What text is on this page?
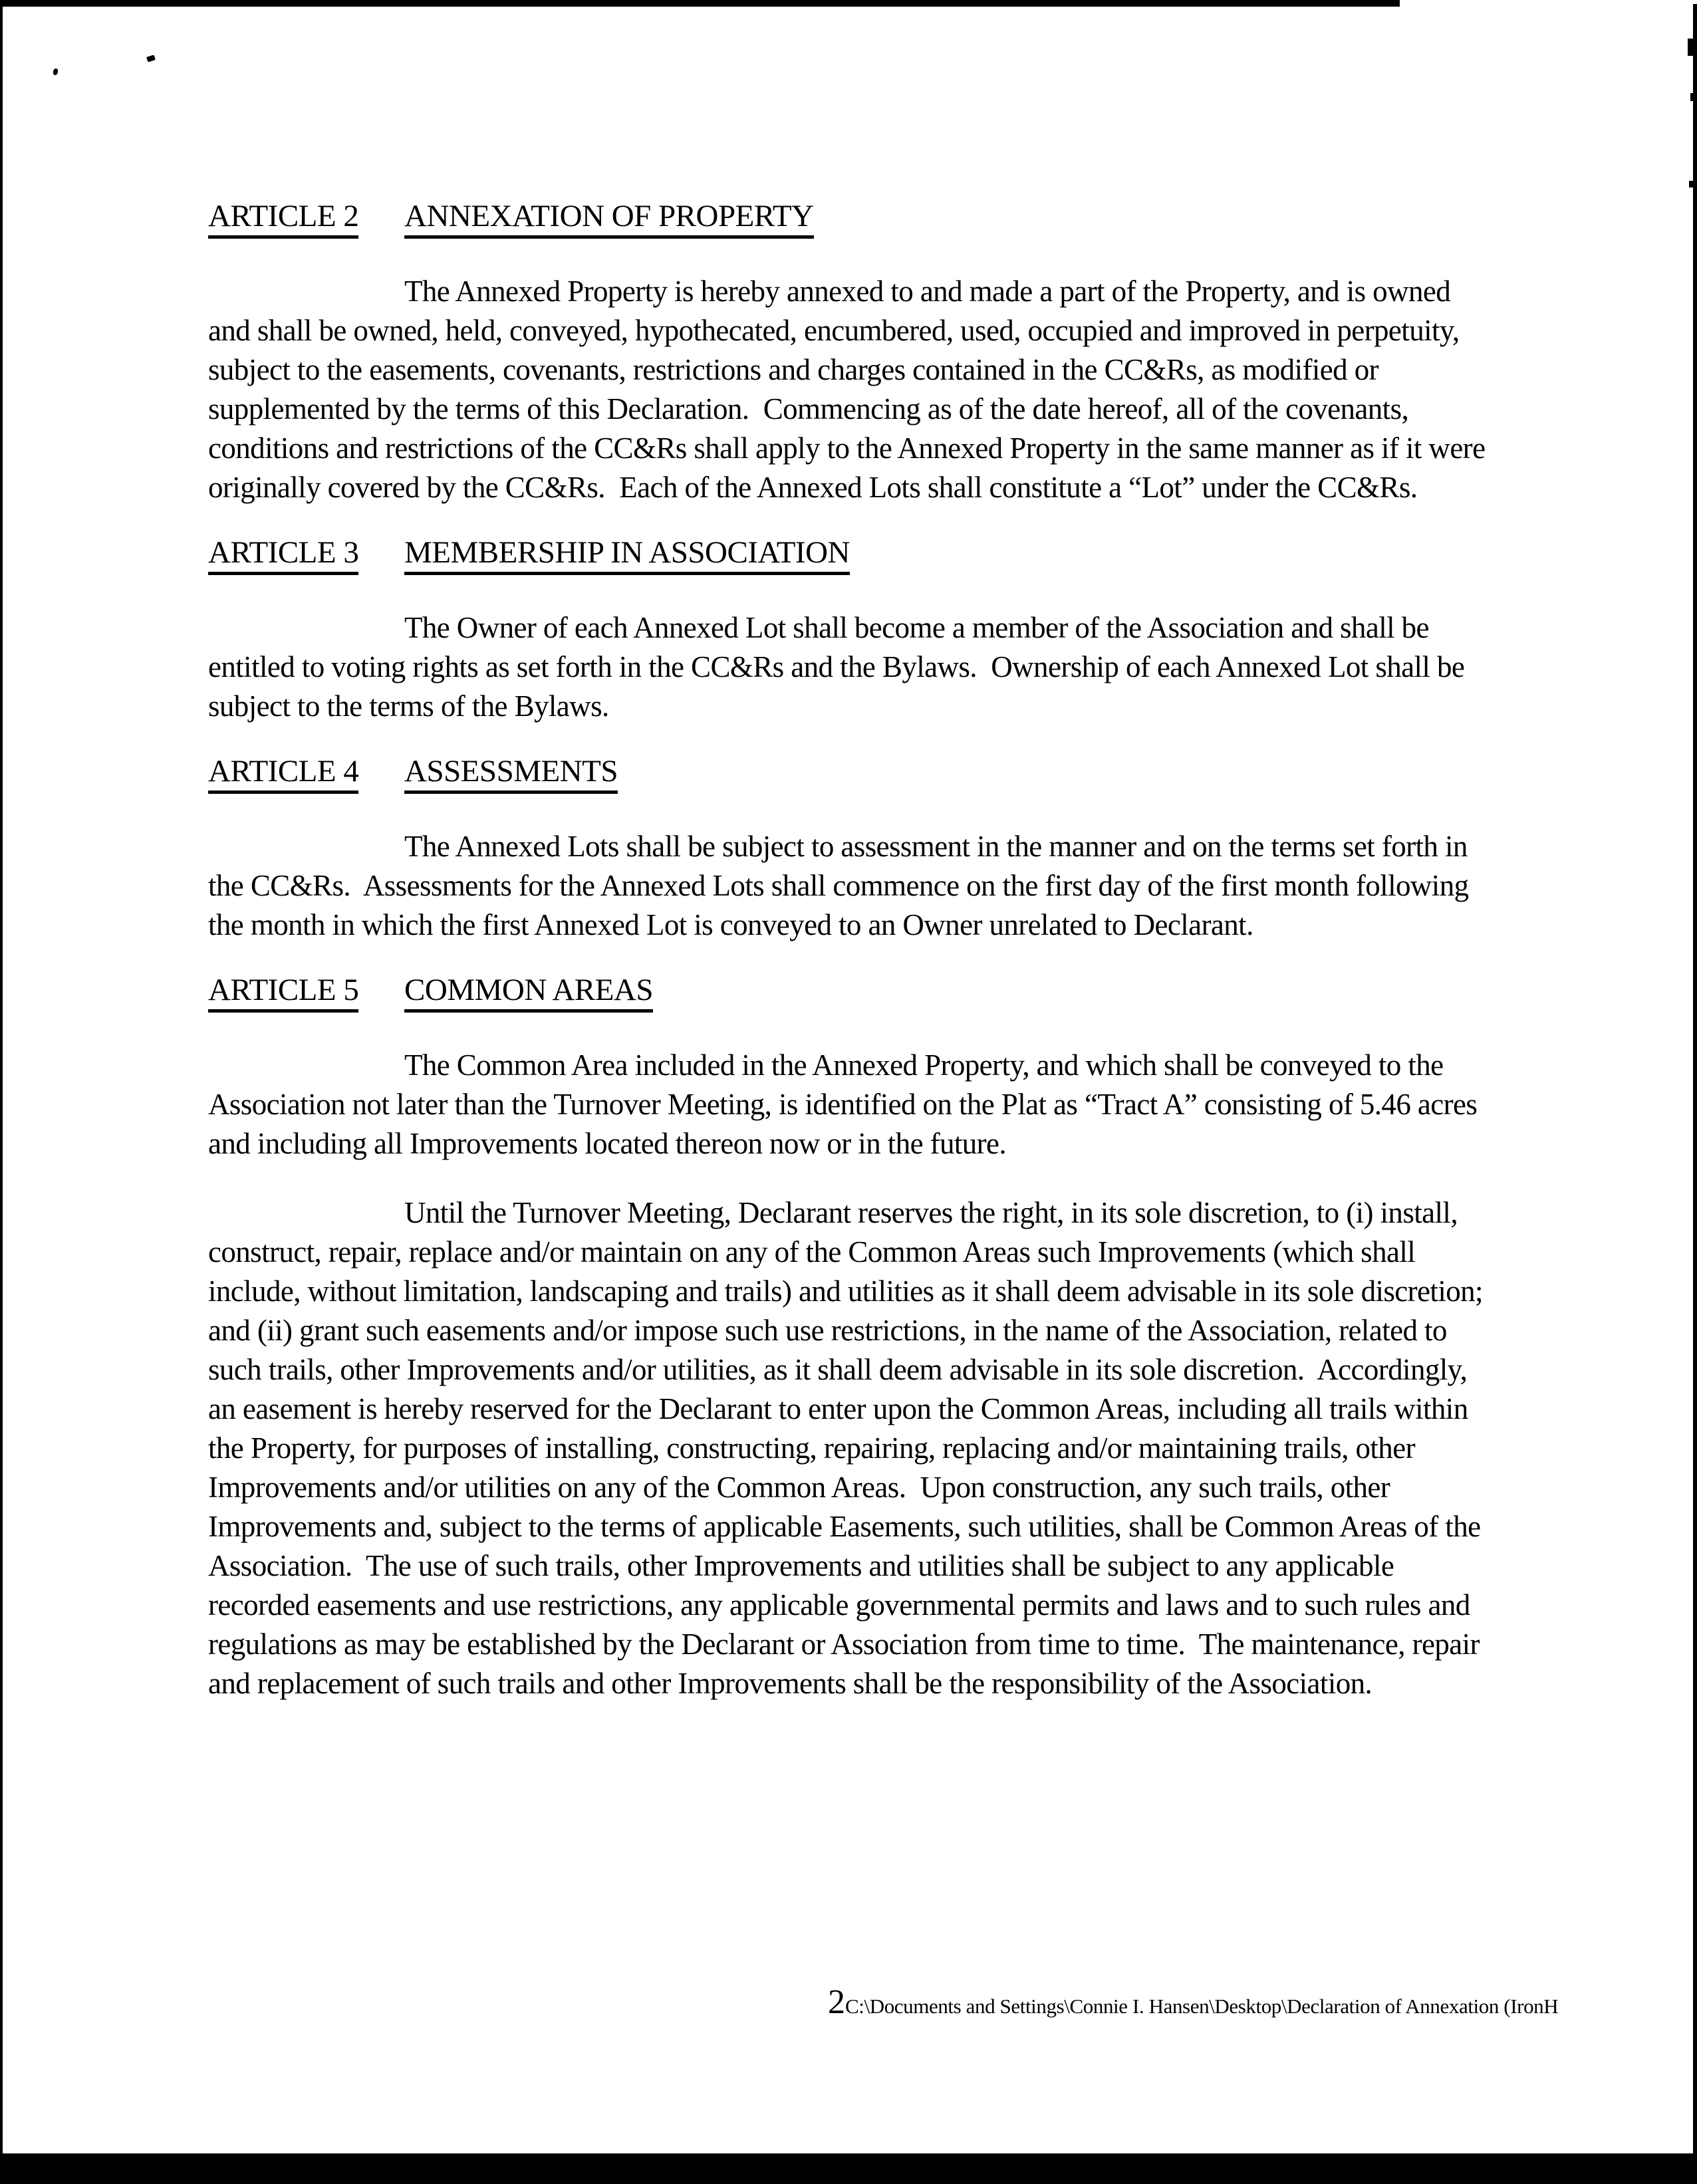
ARTICLE 2 ANNEXATION OF PROPERTY
The Annexed Property is hereby annexed to and made a part of the Property, and is owned and shall be owned, held, conveyed, hypothecated, encumbered, used, occupied and improved in perpetuity, subject to the easements, covenants, restrictions and charges contained in the CC&Rs, as modified or supplemented by the terms of this Declaration.  Commencing as of the date hereof, all of the covenants, conditions and restrictions of the CC&Rs shall apply to the Annexed Property in the same manner as if it were originally covered by the CC&Rs.  Each of the Annexed Lots shall constitute a “Lot” under the CC&Rs.
ARTICLE 3 MEMBERSHIP IN ASSOCIATION
The Owner of each Annexed Lot shall become a member of the Association and shall be entitled to voting rights as set forth in the CC&Rs and the Bylaws.  Ownership of each Annexed Lot shall be subject to the terms of the Bylaws.
ARTICLE 4 ASSESSMENTS
The Annexed Lots shall be subject to assessment in the manner and on the terms set forth in the CC&Rs.  Assessments for the Annexed Lots shall commence on the first day of the first month following the month in which the first Annexed Lot is conveyed to an Owner unrelated to Declarant.
ARTICLE 5 COMMON AREAS
The Common Area included in the Annexed Property, and which shall be conveyed to the Association not later than the Turnover Meeting, is identified on the Plat as “Tract A” consisting of 5.46 acres and including all Improvements located thereon now or in the future.
Until the Turnover Meeting, Declarant reserves the right, in its sole discretion, to (i) install, construct, repair, replace and/or maintain on any of the Common Areas such Improvements (which shall include, without limitation, landscaping and trails) and utilities as it shall deem advisable in its sole discretion; and (ii) grant such easements and/or impose such use restrictions, in the name of the Association, related to such trails, other Improvements and/or utilities, as it shall deem advisable in its sole discretion.  Accordingly, an easement is hereby reserved for the Declarant to enter upon the Common Areas, including all trails within the Property, for purposes of installing, constructing, repairing, replacing and/or maintaining trails, other Improvements and/or utilities on any of the Common Areas.  Upon construction, any such trails, other Improvements and, subject to the terms of applicable Easements, such utilities, shall be Common Areas of the Association.  The use of such trails, other Improvements and utilities shall be subject to any applicable recorded easements and use restrictions, any applicable governmental permits and laws and to such rules and regulations as may be established by the Declarant or Association from time to time.  The maintenance, repair and replacement of such trails and other Improvements shall be the responsibility of the Association.
2C:\Documents and Settings\Connie I. Hansen\Desktop\Declaration of Annexation (IronH
